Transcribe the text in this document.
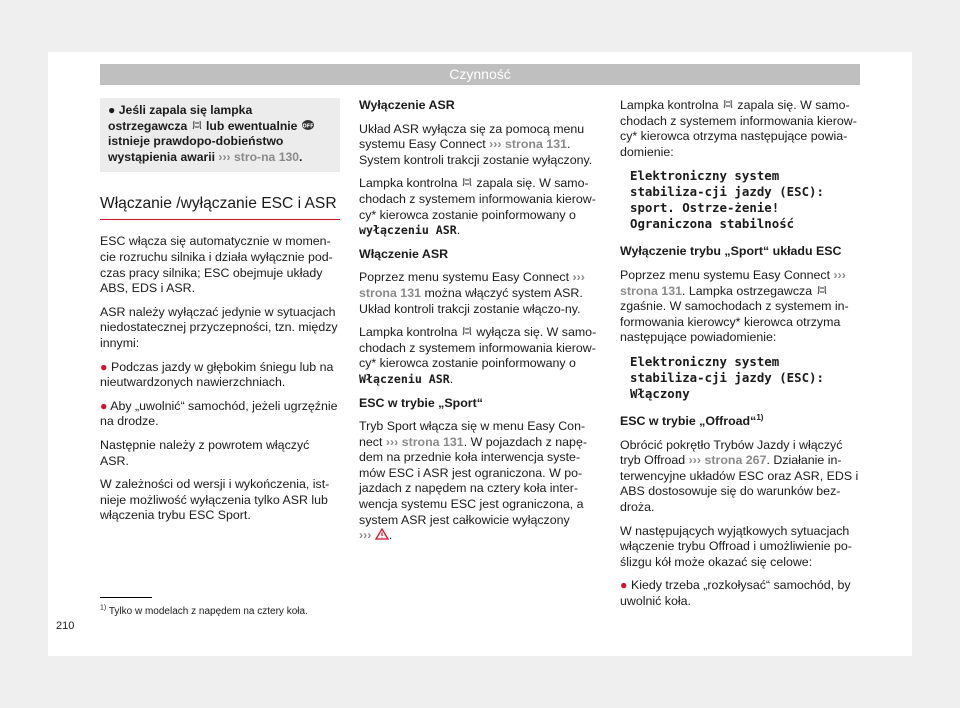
Czynność
● Jeśli zapala się lampka ostrzegawcza lub ewentualnie OFF
istnieje prawdopo-dobieństwo wystąpienia awarii ››› stro-na 130.
Włączanie /wyłączanie ESC i ASR

ESC włącza się automatycznie w momen-cie rozruchu silnika i działa wyłącznie pod-czas pracy silnika; ESC obejmuje układy ABS, EDS i ASR.

ASR należy wyłączać jedynie w sytuacjach niedostatecznej przyczepności, tzn. między innymi:

● Podczas jazdy w głębokim śniegu lub na nieutwardzonych nawierzchniach.

● Aby „uwolnić“ samochód, jeżeli ugrzęźnie na drodze.

Następnie należy z powrotem włączyć ASR.

W zależności od wersji i wykończenia, ist-nieje możliwość wyłączenia tylko ASR lub włączenia trybu ESC Sport.

Wyłączenie ASR

Układ ASR wyłącza się za pomocą menu systemu Easy Connect ››› strona 131. System kontroli trakcji zostanie wyłączony.

Lampka kontrolna zapala się. W samo-chodach z systemem informowania kierow-cy* kierowca zostanie poinformowany o wyłączeniu ASR.

Włączenie ASR

Poprzez menu systemu Easy Connect ››› strona 131 można włączyć system ASR. Układ kontroli trakcji zostanie włączo-ny.

Lampka kontrolna wyłącza się. W samo-chodach z systemem informowania kierow-cy* kierowca zostanie poinformowany o Włączeniu ASR.

ESC w trybie „Sport“

Tryb Sport włącza się w menu Easy Con-nect ››› strona 131. W pojazdach z napę-dem na przednie koła interwencja syste-mów ESC i ASR jest ograniczona. W po-jazdach z napędem na cztery koła inter-wencja systemu ESC jest ograniczona, a system ASR jest całkowicie wyłączony
››› .

Lampka kontrolna zapala się. W samo-chodach z systemem informowania kierow-cy* kierowca otrzyma następujące powia-domienie:

Elektroniczny system stabiliza-cji jazdy (ESC): sport. Ostrze-żenie! Ograniczona stabilność

Wyłączenie trybu „Sport“ układu ESC

Poprzez menu systemu Easy Connect ››› strona 131. Lampka ostrzegawcza  zgaśnie. W samochodach z systemem in-formowania kierowcy* kierowca otrzyma następujące powiadomienie:

Elektroniczny system stabiliza-cji jazdy (ESC): Włączony

ESC w trybie „Offroad“$^{1)}$

Obrócić pokrętło Trybów Jazdy i włączyć tryb Offroad ››› strona 267. Działanie in-terwencyjne układów ESC oraz ASR, EDS i ABS dostosowuje się do warunków bez-droża.

W następujących wyjątkowych sytuacjach włączenie trybu Offroad i umożliwienie po-ślizgu kół może okazać się celowe:

● Kiedy trzeba „rozkołysać“ samochód, by uwolnić koła.

$^{1)}$ Tylko w modelach z napędem na cztery koła.
210
